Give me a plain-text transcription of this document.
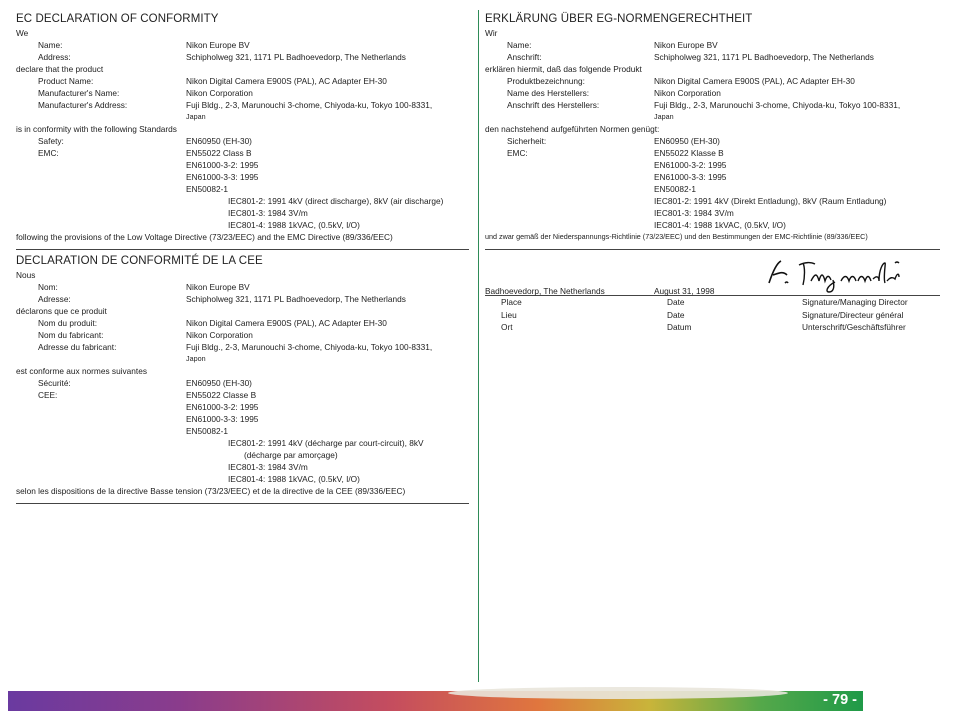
EC DECLARATION OF CONFORMITY
We
Name:	Nikon Europe BV
Address:	Schipholweg 321, 1171 PL Badhoevedorp, The Netherlands
declare that the product
Product Name:	Nikon Digital Camera E900S (PAL), AC Adapter EH-30
Manufacturer's Name:	Nikon Corporation
Manufacturer's Address:	Fuji Bldg., 2-3, Marunouchi 3-chome, Chiyoda-ku, Tokyo 100-8331,
Japan
is in conformity with the following Standards
Safety:	EN60950 (EH-30)
EMC:	EN55022 Class B
EN61000-3-2: 1995
EN61000-3-3: 1995
EN50082-1
IEC801-2: 1991 4kV (direct discharge), 8kV (air discharge)
IEC801-3: 1984 3V/m
IEC801-4: 1988 1kVAC, (0.5kV, I/O)
following the provisions of the Low Voltage Directive (73/23/EEC) and the EMC Directive (89/336/EEC)
DECLARATION DE CONFORMITÉ DE LA CEE
Nous
Nom:	Nikon Europe BV
Adresse:	Schipholweg 321, 1171 PL Badhoevedorp, The Netherlands
déclarons que ce produit
Nom du produit:	Nikon Digital Camera E900S (PAL), AC Adapter EH-30
Nom du fabricant:	Nikon Corporation
Adresse du fabricant:	Fuji Bldg., 2-3, Marunouchi 3-chome, Chiyoda-ku, Tokyo 100-8331,
Japon
est conforme aux normes suivantes
Sécurité:	EN60950 (EH-30)
CEE:	EN55022 Classe B
EN61000-3-2: 1995
EN61000-3-3: 1995
EN50082-1
IEC801-2: 1991 4kV (décharge par court-circuit), 8kV
(décharge par amorçage)
IEC801-3: 1984 3V/m
IEC801-4: 1988 1kVAC, (0.5kV, I/O)
selon les dispositions de la directive Basse tension (73/23/EEC) et de la directive de la CEE (89/336/EEC)
ERKLÄRUNG ÜBER EG-NORMENGERECHTHEIT
Wir
Name:	Nikon Europe BV
Anschrift:	Schipholweg 321, 1171 PL Badhoevedorp, The Netherlands
erklären hiermit, daß das folgende Produkt
Produktbezeichnung:	Nikon Digital Camera E900S (PAL), AC Adapter EH-30
Name des Herstellers:	Nikon Corporation
Anschrift des Herstellers:	Fuji Bldg., 2-3, Marunouchi 3-chome, Chiyoda-ku, Tokyo 100-8331,
Japan
den nachstehend aufgeführten Normen genügt:
Sicherheit:	EN60950 (EH-30)
EMC:	EN55022 Klasse B
EN61000-3-2: 1995
EN61000-3-3: 1995
EN50082-1
IEC801-2: 1991 4kV (Direkt Entladung), 8kV (Raum Entladung)
IEC801-3: 1984 3V/m
IEC801-4: 1988 1kVAC, (0.5kV, I/O)
und zwar gemäß der Niederspannungs-Richtlinie (73/23/EEC) und den Bestimmungen der EMC-Richtlinie (89/336/EEC)
Badhoevedorp, The Netherlands	August 31, 1998
Place	Date	Signature/Managing Director
Lieu	Date	Signature/Directeur général
Ort	Datum	Unterschrift/Geschäftsführer
- 79 -
